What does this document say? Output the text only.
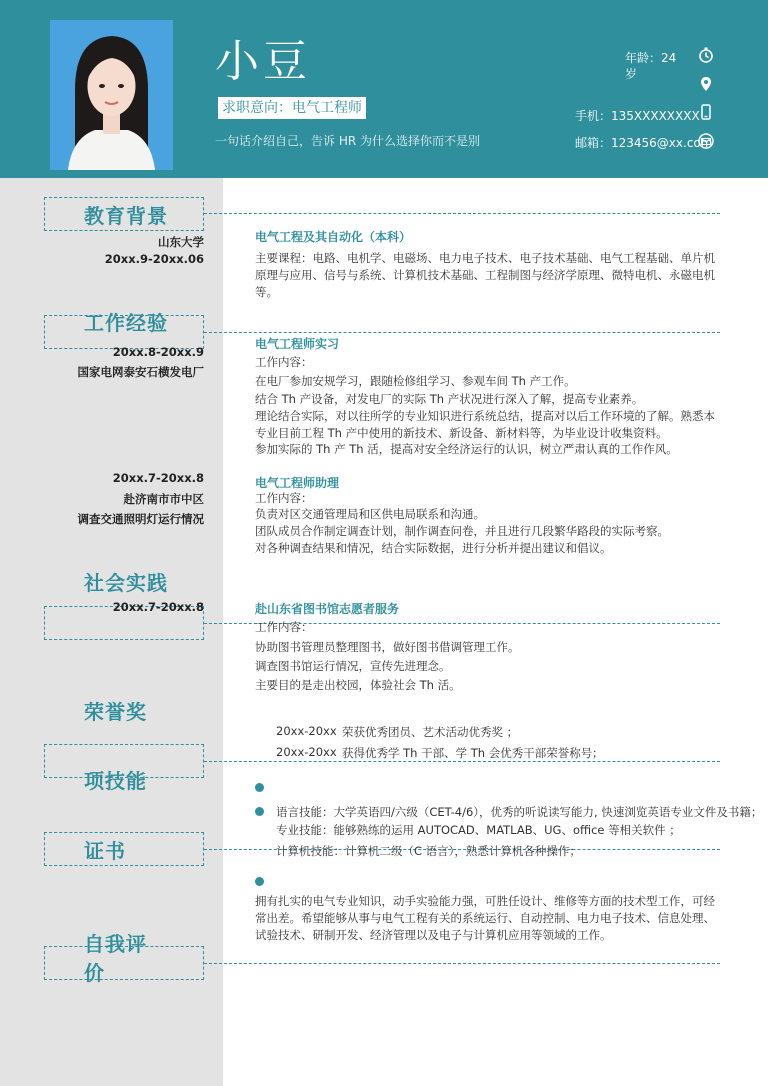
小豆
求职意向：电气工程师
一句话介绍自己，告诉 HR 为什么选择你而不是别
年龄：24
岁
手机：135XXXXXXXX
邮箱：123456@xx.com
教育背景
工作经验
社会实践
荣誉奖
项技能
证书
自我评
价
山东大学
20xx.9-20xx.06
电气工程及其自动化（本科）
主要课程：电路、电机学、电磁场、电力电子技术、电子技术基础、电气工程基础、单片机原理与应用、信号与系统、计算机技术基础、工程制图与经济学原理、微特电机、永磁电机等。
20xx.8-20xx.9
国家电网泰安石横发电厂
电气工程师实习
工作内容：
在电厂参加安规学习，跟随检修组学习、参观车间 Th 产工作。
结合 Th 产设备，对发电厂的实际 Th 产状况进行深入了解，提高专业素养。
理论结合实际，对以往所学的专业知识进行系统总结，提高对以后工作环境的了解。熟悉本专业目前工程 Th 产中使用的新技术、新设备、新材料等，为毕业设计收集资料。
参加实际的 Th 产 Th 活，提高对安全经济运行的认识，树立严肃认真的工作作风。
20xx.7-20xx.8
赴济南市市中区
调查交通照明灯运行情况
电气工程师助理
工作内容：
负责对区交通管理局和区供电局联系和沟通。
团队成员合作制定调查计划，制作调查问卷，并且进行几段繁华路段的实际考察。
对各种调查结果和情况，结合实际数据，进行分析并提出建议和倡议。
20xx.7-20xx.8	赴山东省图书馆志愿者服务
工作内容：
协助图书管理员整理图书，做好图书借调管理工作。
调查图书馆运行情况，宣传先进理念。
主要目的是走出校园，体验社会 Th 活。
20xx-20xx 荣获优秀团员、艺术活动优秀奖 ；
20xx-20xx 获得优秀学 Th 干部、学 Th 会优秀干部荣誉称号 ；
语言技能：大学英语四/六级（CET-4/6），优秀的听说读写能力, 快速浏览英语专业文件及书籍；
专业技能：能够熟练的运用 AUTOCAD、MATLAB、UG、office 等相关软件 ；
计算机技能：计算机二级（C 语言），熟悉计算机各种操作；
拥有扎实的电气专业知识，动手实验能力强，可胜任设计、维修等方面的技术型工作，可经常出差。希望能够从事与电气工程有关的系统运行、自动控制、电力电子技术、信息处理、试验技术、研制开发、经济管理以及电子与计算机应用等领域的工作。
